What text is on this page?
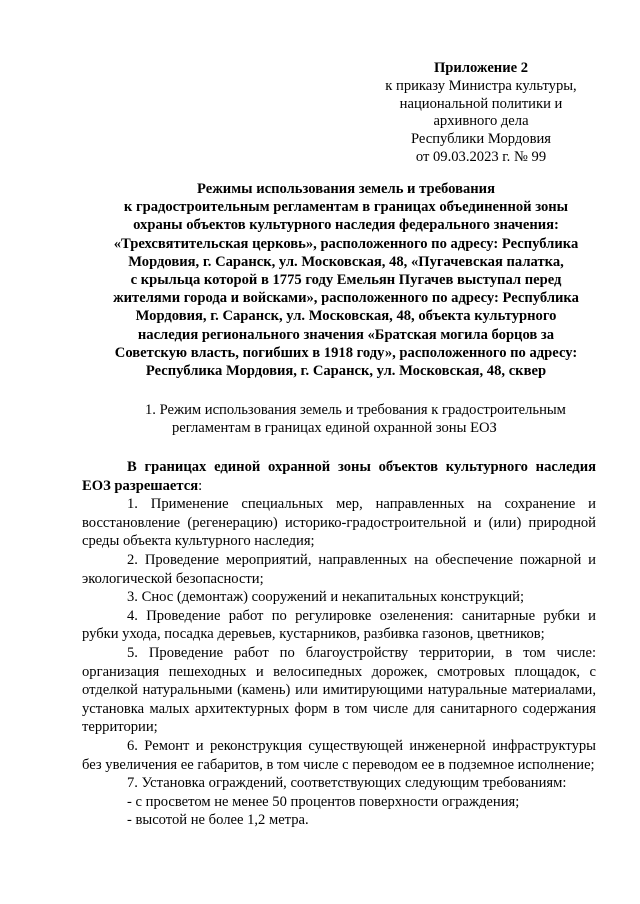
Приложение 2
к приказу Министра культуры,
национальной политики и
архивного дела
Республики Мордовия
от 09.03.2023 г. № 99
Режимы использования земель и требования
к градостроительным регламентам в границах объединенной зоны
охраны объектов культурного наследия федерального значения:
«Трехсвятительская церковь», расположенного по адресу: Республика
Мордовия, г. Саранск, ул. Московская, 48, «Пугачевская палатка,
с крыльца которой в 1775 году Емельян Пугачев выступал перед
жителями города и войсками», расположенного по адресу: Республика
Мордовия, г. Саранск, ул. Московская, 48, объекта культурного
наследия регионального значения «Братская могила борцов за
Советскую власть, погибших в 1918 году», расположенного по адресу:
Республика Мордовия, г. Саранск, ул. Московская, 48, сквер
1. Режим использования земель и требования к градостроительным
регламентам в границах единой охранной зоны ЕОЗ

В границах единой охранной зоны объектов культурного наследия ЕОЗ разрешается:

1. Применение специальных мер, направленных на сохранение и восстановление (регенерацию) историко-градостроительной и (или) природной среды объекта культурного наследия;

2. Проведение мероприятий, направленных на обеспечение пожарной и экологической безопасности;

3. Снос (демонтаж) сооружений и некапитальных конструкций;

4. Проведение работ по регулировке озеленения: санитарные рубки и рубки ухода, посадка деревьев, кустарников, разбивка газонов, цветников;

5. Проведение работ по благоустройству территории, в том числе: организация пешеходных и велосипедных дорожек, смотровых площадок, с отделкой натуральными (камень) или имитирующими натуральные материалами, установка малых архитектурных форм в том числе для санитарного содержания территории;

6. Ремонт и реконструкция существующей инженерной инфраструктуры без увеличения ее габаритов, в том числе с переводом ее в подземное исполнение;

7. Установка ограждений, соответствующих следующим требованиям:

- с просветом не менее 50 процентов поверхности ограждения;

- высотой не более 1,2 метра.
